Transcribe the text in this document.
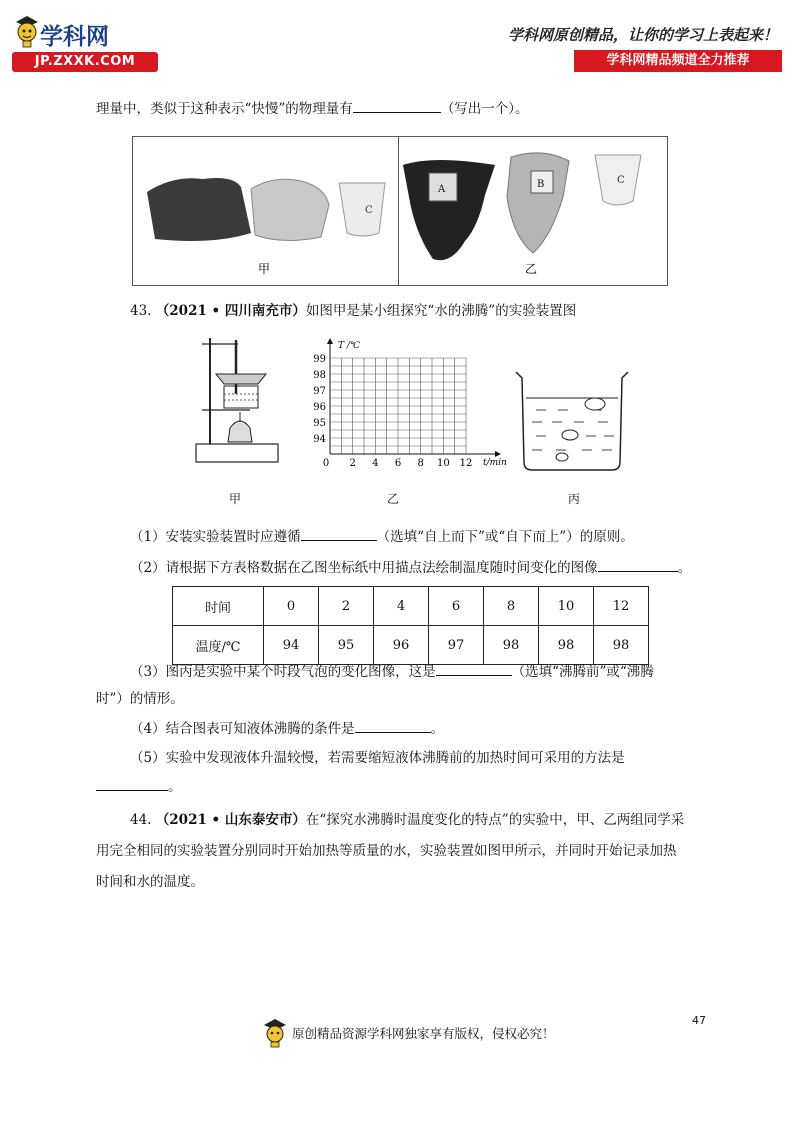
学科网
JP.ZXXK.COM
学科网原创精品，让你的学习上表起来！
学科网精品频道全力推荐
理量中，类似于这种表示“快慢”的物理量有	（写出一个）。
C
A	B	C
甲	乙
43. （2021 • 四川南充市）如图甲是某小组探究“水的沸腾”的实验装置图
T /℃
t/min
99
98
97
96
95
94
0 2 4 6 8 10 12
甲	乙	丙
（1）安装实验装置时应遵循	（选填“自上而下”或“自下而上”）的原则。
（2）请根据下方表格数据在乙图坐标纸中用描点法绘制温度随时间变化的图像	。
时间	0	2	4	6	8	10	12
温度/℃	94	95	96	97	98	98	98
（3）图丙是实验中某个时段气泡的变化图像，这是	（选填“沸腾前”或“沸腾
时”）的情形。
（4）结合图表可知液体沸腾的条件是	。
（5）实验中发现液体升温较慢，若需要缩短液体沸腾前的加热时间可采用的方法是
。
44. （2021 • 山东泰安市）在“探究水沸腾时温度变化的特点”的实验中，甲、乙两组同学采
用完全相同的实验装置分别同时开始加热等质量的水，实验装置如图甲所示，并同时开始记录加热
时间和水的温度。
原创精品资源学科网独家享有版权，侵权必究！
47
